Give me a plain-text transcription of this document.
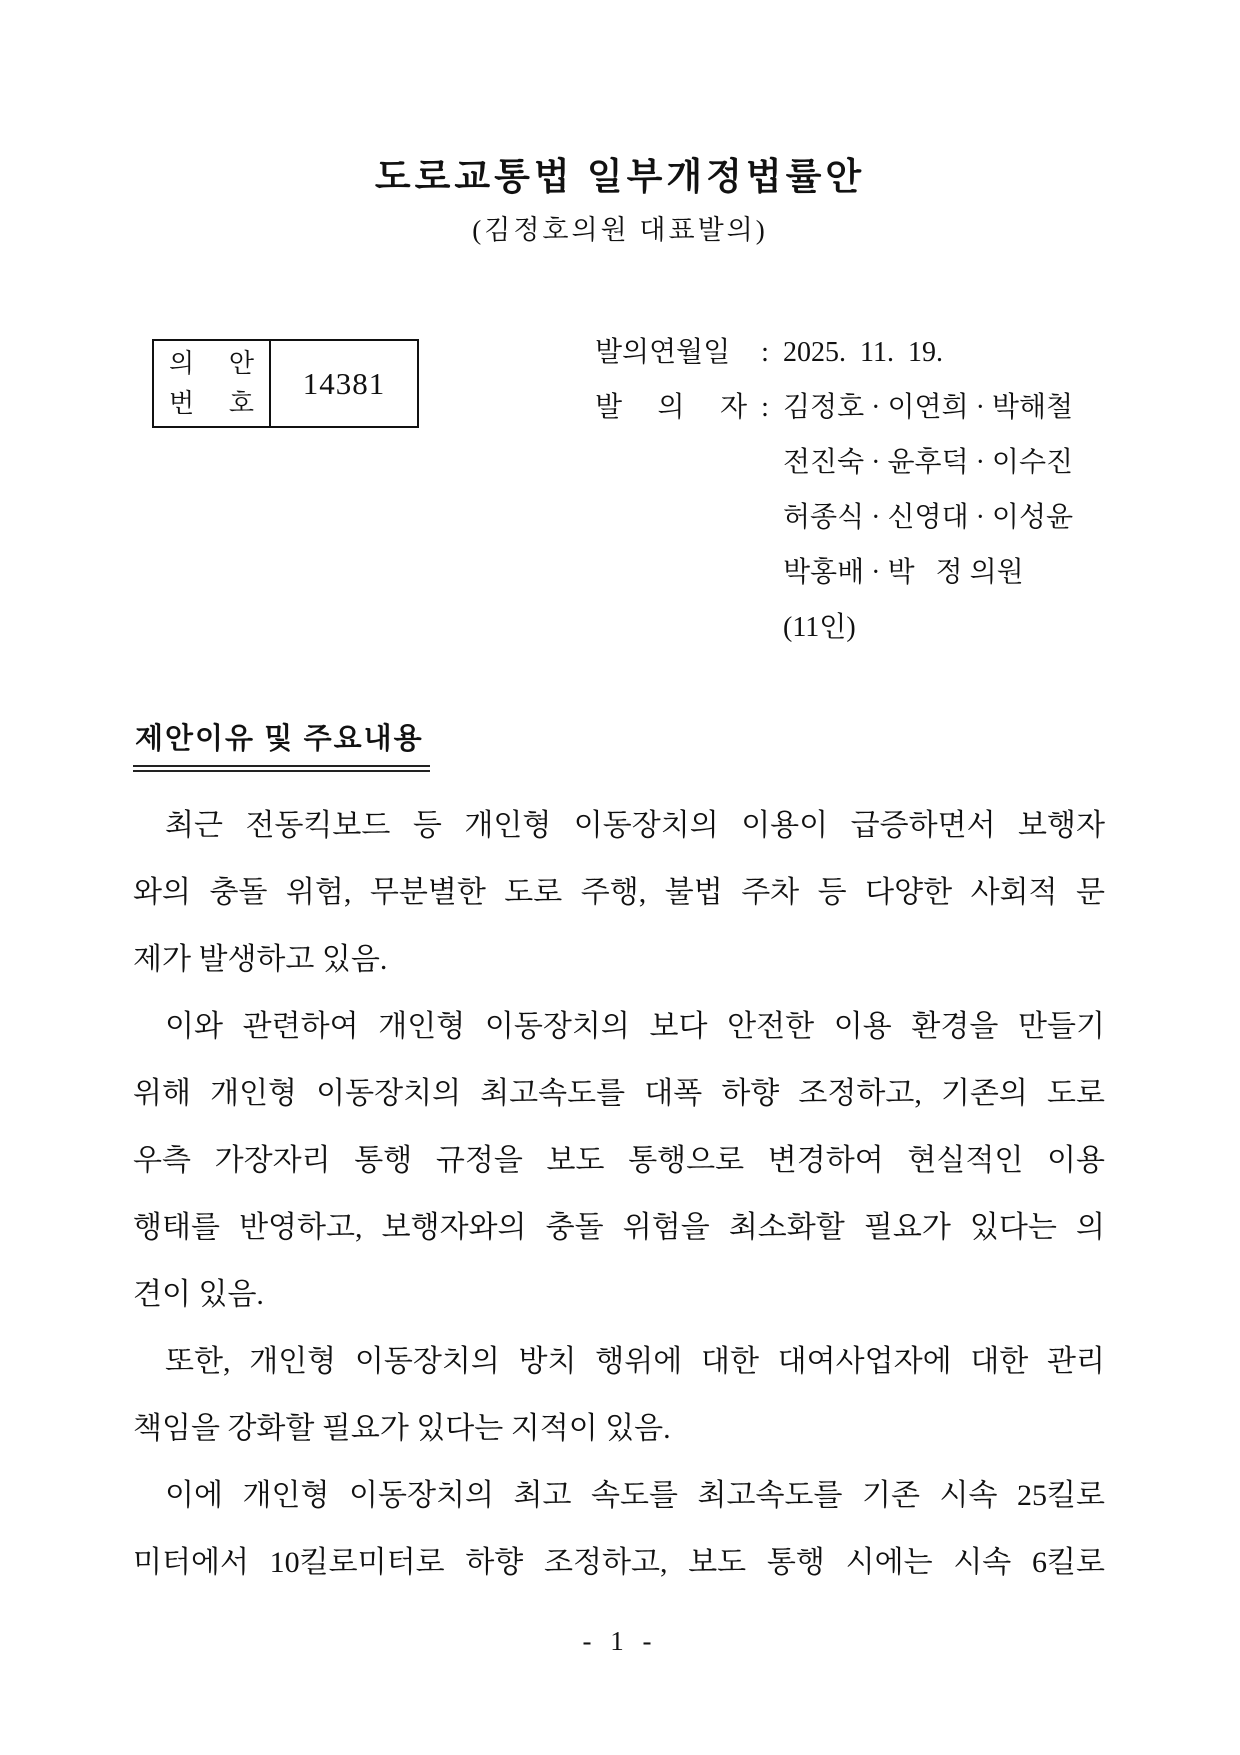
도로교통법 일부개정법률안
(김정호의원 대표발의)
의 안
번 호
14381
발의연월일	: 2025.  11.  19.
발 의 자 : 김정호 · 이연희 · 박해철
전진숙 · 윤후덕 · 이수진
허종식 · 신영대 · 이성윤
박홍배 · 박   정 의원
(11인)
제안이유 및 주요내용
최근 전동킥보드 등 개인형 이동장치의 이용이 급증하면서 보행자
와의 충돌 위험, 무분별한 도로 주행, 불법 주차 등 다양한 사회적 문
제가 발생하고 있음.
이와 관련하여 개인형 이동장치의 보다 안전한 이용 환경을 만들기
위해 개인형 이동장치의 최고속도를 대폭 하향 조정하고, 기존의 도로
우측 가장자리 통행 규정을 보도 통행으로 변경하여 현실적인 이용
행태를 반영하고, 보행자와의 충돌 위험을 최소화할 필요가 있다는 의
견이 있음.
또한, 개인형 이동장치의 방치 행위에 대한 대여사업자에 대한 관리
책임을 강화할 필요가 있다는 지적이 있음.
이에 개인형 이동장치의 최고 속도를 최고속도를 기존 시속 25킬로
미터에서 10킬로미터로 하향 조정하고, 보도 통행 시에는 시속 6킬로
- 1 -
